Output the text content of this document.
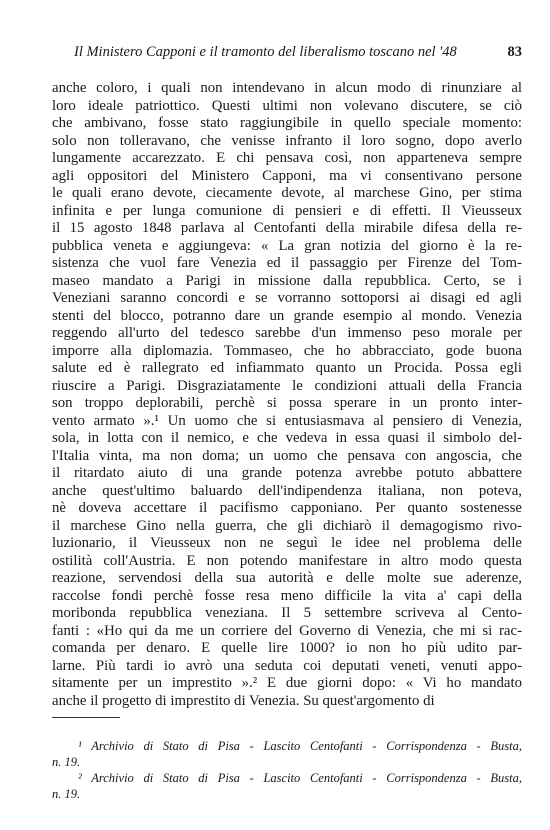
Il Ministero Capponi e il tramonto del liberalismo toscano nel '48	83
anche coloro, i quali non intendevano in alcun modo di rinunziare al
loro ideale patriottico. Questi ultimi non volevano discutere, se ciò
che ambivano, fosse stato raggiungibile in quello speciale momento:
solo non tolleravano, che venisse infranto il loro sogno, dopo averlo
lungamente accarezzato. E chi pensava così, non apparteneva sempre
agli oppositori del Ministero Capponi, ma vi consentivano persone
le quali erano devote, ciecamente devote, al marchese Gino, per stima
infinita e per lunga comunione di pensieri e di effetti. Il Vieusseux
il 15 agosto 1848 parlava al Centofanti della mirabile difesa della re-
pubblica veneta e aggiungeva: « La gran notizia del giorno è la re-
sistenza che vuol fare Venezia ed il passaggio per Firenze del Tom-
maseo mandato a Parigi in missione dalla repubblica. Certo, se i
Veneziani saranno concordi e se vorranno sottoporsi ai disagi ed agli
stenti del blocco, potranno dare un grande esempio al mondo. Venezia
reggendo all'urto del tedesco sarebbe d'un immenso peso morale per
imporre alla diplomazia. Tommaseo, che ho abbracciato, gode buona
salute ed è rallegrato ed infiammato quanto un Procida. Possa egli
riuscire a Parigi. Disgraziatamente le condizioni attuali della Francia
son troppo deplorabili, perchè si possa sperare in un pronto inter-
vento armato ».¹ Un uomo che si entusiasmava al pensiero di Venezia,
sola, in lotta con il nemico, e che vedeva in essa quasi il simbolo del-
l'Italia vinta, ma non doma; un uomo che pensava con angoscia, che
il ritardato aiuto di una grande potenza avrebbe potuto abbattere
anche quest'ultimo baluardo dell'indipendenza italiana, non poteva,
nè doveva accettare il pacifismo capponiano. Per quanto sostenesse
il marchese Gino nella guerra, che gli dichiarò il demagogismo rivo-
luzionario, il Vieusseux non ne seguì le idee nel problema delle
ostilità coll'Austria. E non potendo manifestare in altro modo questa
reazione, servendosi della sua autorità e delle molte sue aderenze,
raccolse fondi perchè fosse resa meno difficile la vita a' capi della
moribonda repubblica veneziana. Il 5 settembre scriveva al Cento-
fanti : «Ho qui da me un corriere del Governo di Venezia, che mi si rac-
comanda per denaro. E quelle lire 1000? io non ho più udito par-
larne. Più tardi io avrò una seduta coi deputati veneti, venuti appo-
sitamente per un imprestito ».² E due giorni dopo: « Vi ho mandato
anche il progetto di imprestito di Venezia. Su quest'argomento di
¹ Archivio di Stato di Pisa - Lascito Centofanti - Corrispondenza - Busta,
n. 19.
² Archivio di Stato di Pisa - Lascito Centofanti - Corrispondenza - Busta,
n. 19.
